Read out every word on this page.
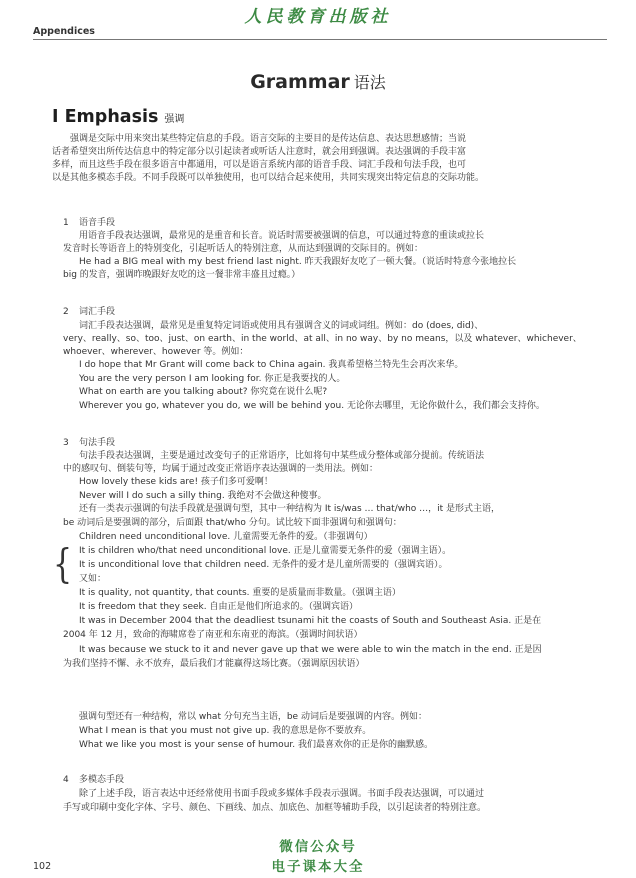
人民教育出版社
Appendices
Grammar 语法
I Emphasis 强调
强调是交际中用来突出某些特定信息的手段。语言交际的主要目的是传达信息、表达思想感情；当说
话者希望突出所传达信息中的特定部分以引起读者或听话人注意时，就会用到强调。表达强调的手段丰富
多样，而且这些手段在很多语言中都通用，可以是语言系统内部的语音手段、词汇手段和句法手段，也可
以是其他多模态手段。不同手段既可以单独使用，也可以结合起来使用，共同实现突出特定信息的交际功能。
1 语音手段
用语音手段表达强调，最常见的是重音和长音。说话时需要被强调的信息，可以通过特意的重读或拉长
发音时长等语音上的特别变化，引起听话人的特别注意，从而达到强调的交际目的。例如：
He had a BIG meal with my best friend last night. 昨天我跟好友吃了一顿大餐。（说话时特意今张地拉长
big 的发音，强调昨晚跟好友吃的这一餐非常丰盛且过瘾。）
2 词汇手段
词汇手段表达强调，最常见是重复特定词语或使用具有强调含义的词或词组。例如：do (does, did)、
very、really、so、too、just、on earth、in the world、at all、in no way、by no means，以及 whatever、whichever、
whoever、wherever、however 等。例如：
I do hope that Mr Grant will come back to China again. 我真希望格兰特先生会再次来华。
You are the very person I am looking for. 你正是我要找的人。
What on earth are you talking about? 你究竟在说什么呢?
Wherever you go, whatever you do, we will be behind you. 无论你去哪里，无论你做什么，我们都会支持你。
3 句法手段
句法手段表达强调，主要是通过改变句子的正常语序，比如将句中某些成分整体或部分提前。传统语法
中的感叹句、倒装句等，均属于通过改变正常语序表达强调的一类用法。例如：
How lovely these kids are! 孩子们多可爱啊！
Never will I do such a silly thing. 我绝对不会做这种傻事。
还有一类表示强调的句法手段就是强调句型，其中一种结构为 It is/was … that/who …，it 是形式主语，
be 动词后是要强调的部分，后面跟 that/who 分句。试比较下面非强调句和强调句：
{
Children need unconditional love. 儿童需要无条件的爱。（非强调句）
It is children who/that need unconditional love. 正是儿童需要无条件的爱（强调主语）。
It is unconditional love that children need. 无条件的爱才是儿童所需要的（强调宾语）。
又如：
It is quality, not quantity, that counts. 重要的是质量而非数量。（强调主语）
It is freedom that they seek. 自由正是他们所追求的。（强调宾语）
It was in December 2004 that the deadliest tsunami hit the coasts of South and Southeast Asia. 正是在
2004 年 12 月，致命的海啸席卷了南亚和东南亚的海滨。（强调时间状语）
It was because we stuck to it and never gave up that we were able to win the match in the end. 正是因
为我们坚持不懈、永不放弃，最后我们才能赢得这场比赛。（强调原因状语）
强调句型还有一种结构，常以 what 分句充当主语，be 动词后是要强调的内容。例如：
What I mean is that you must not give up. 我的意思是你不要放弃。
What we like you most is your sense of humour. 我们最喜欢你的正是你的幽默感。
4 多模态手段
除了上述手段，语言表达中还经常使用书面手段或多媒体手段表示强调。书面手段表达强调，可以通过
手写或印刷中变化字体、字号、颜色、下画线、加点、加底色、加框等辅助手段，以引起读者的特别注意。
微信公众号
电子课本大全
102
